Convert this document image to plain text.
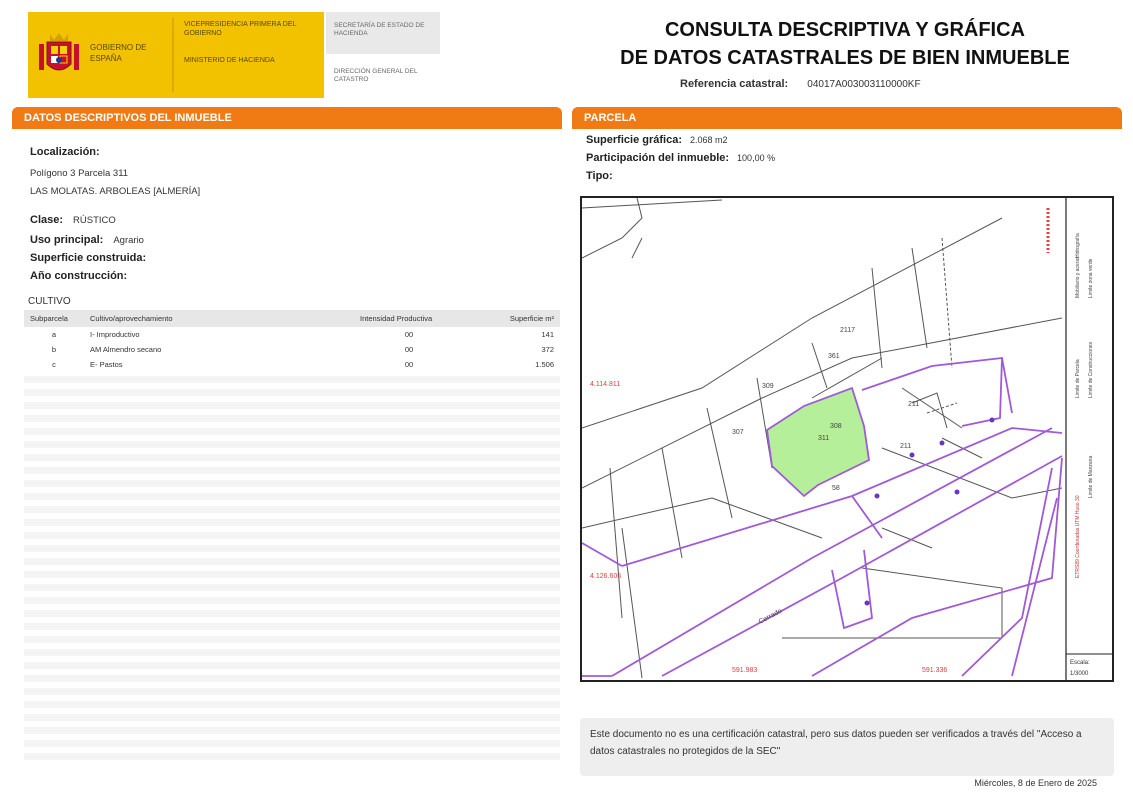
GOBIERNO DE ESPAÑA
VICEPRESIDENCIA PRIMERA DEL GOBIERNO
MINISTERIO DE HACIENDA
SECRETARÍA DE ESTADO DE HACIENDA
DIRECCIÓN GENERAL DEL CATASTRO
CONSULTA DESCRIPTIVA Y GRÁFICA
DE DATOS CATASTRALES DE BIEN INMUEBLE
Referencia catastral: 04017A003003110000KF
DATOS DESCRIPTIVOS DEL INMUEBLE	PARCELA
Localización:
Polígono 3 Parcela 311
LAS MOLATAS. ARBOLEAS [ALMERÍA]
Clase: RÚSTICO
Uso principal: Agrario
Superficie construida:
Año construcción:
CULTIVO
Subparcela	Cultivo/aprovechamiento	Intensidad Productiva	Superficie m²
a	I- Improductivo	00	141
b	AM Almendro secano	00	372
c	E- Pastos	00	1.506
Superficie gráfica: 2.068 m2
Participación del inmueble: 100,00 %
Tipo:
309
311
2117
361
307
308
58
211
211
Cerrado
4.114.811
4.126.606
591.983	591.336
ETRS89 Coordenadas UTM Huso 30
Limite de Manzana
Limite de Parcela Limite de Construcciones
Mobiliario y aceras Limite zona verde
Hidrografía
Escala:
1/3000
Este documento no es una certificación catastral, pero sus datos pueden ser verificados a través del "Acceso a datos catastrales no protegidos de la SEC"
Miércoles, 8 de Enero de 2025
